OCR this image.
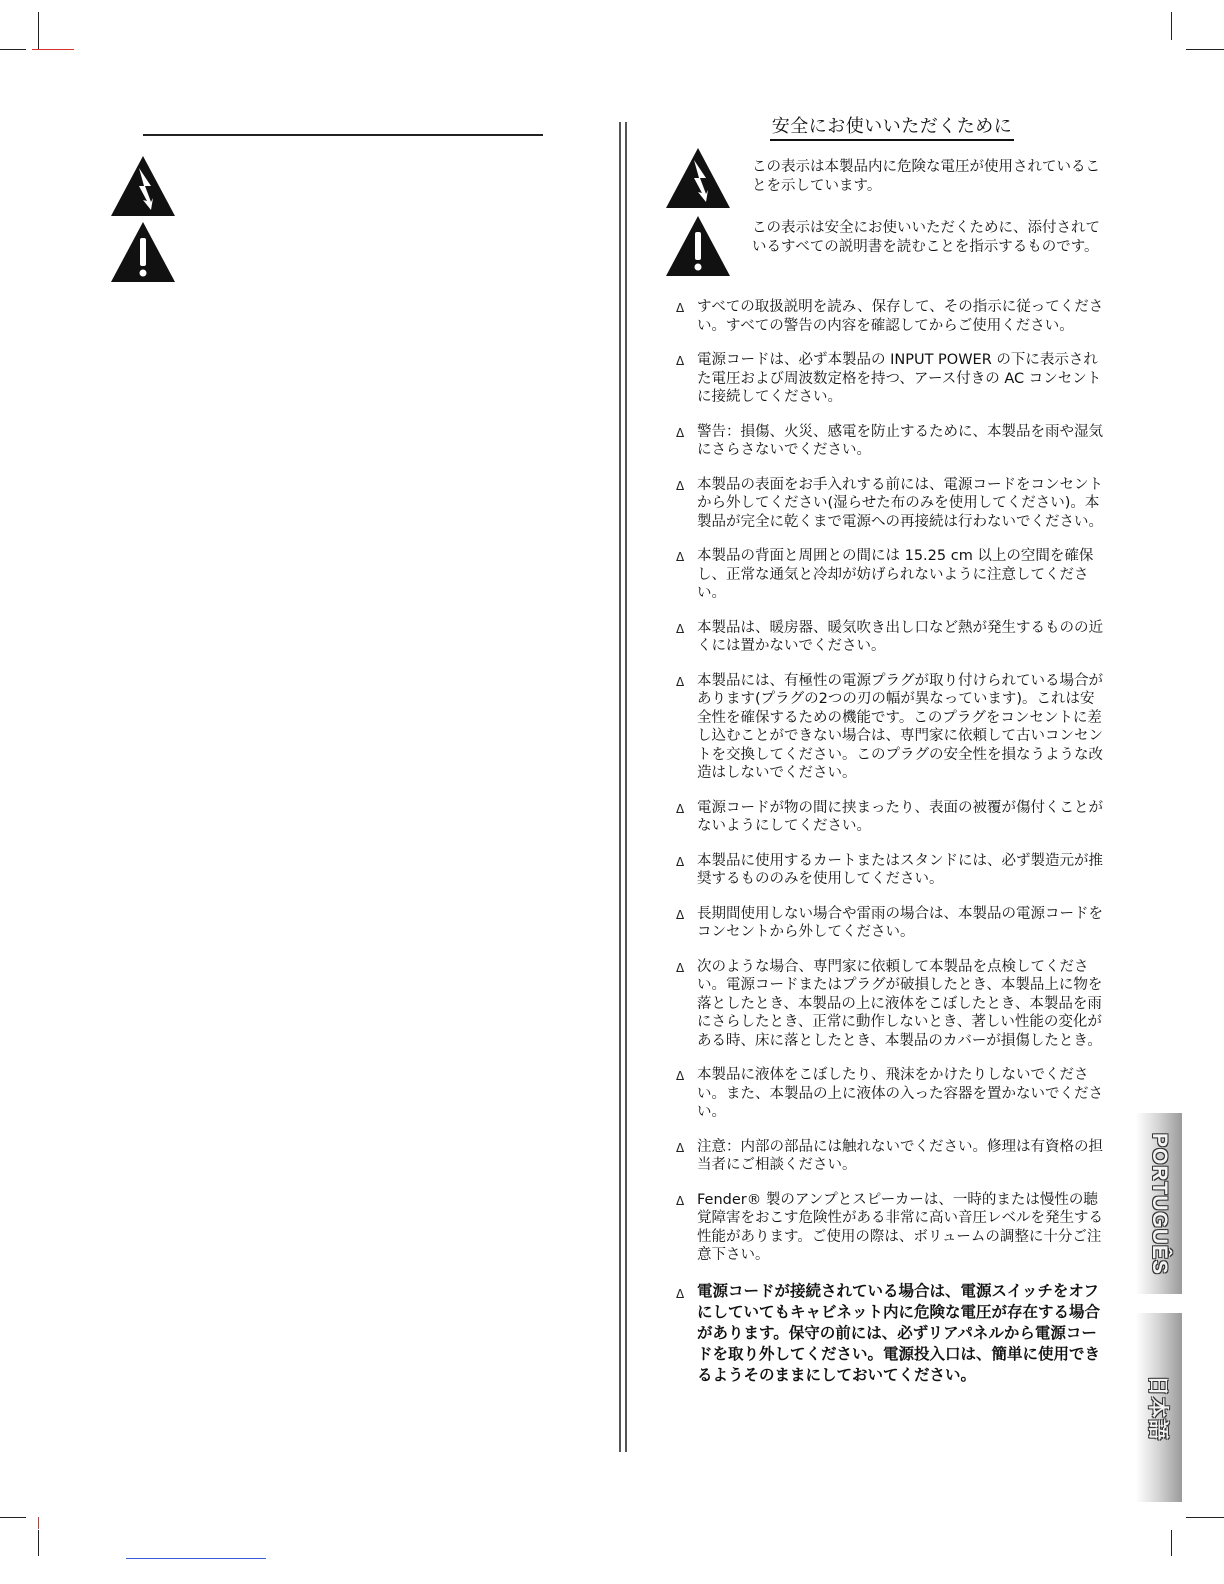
安全にお使いいただくために
この表示は本製品内に危険な電圧が使用されていることを示しています。
この表示は安全にお使いいただくために、添付されているすべての説明書を読むことを指示するものです。
Δ すべての取扱説明を読み、保存して、その指示に従ってください。すべての警告の内容を確認してからご使用ください。
Δ 電源コードは、必ず本製品の INPUT POWER の下に表示された電圧および周波数定格を持つ、アース付きの AC コンセントに接続してください。
Δ 警告：損傷、火災、感電を防止するために、本製品を雨や湿気にさらさないでください。
Δ 本製品の表面をお手入れする前には、電源コードをコンセントから外してください(湿らせた布のみを使用してください)。本製品が完全に乾くまで電源への再接続は行わないでください。
Δ 本製品の背面と周囲との間には 15.25 cm 以上の空間を確保し、正常な通気と冷却が妨げられないように注意してください。
Δ 本製品は、暖房器、暖気吹き出し口など熱が発生するものの近くには置かないでください。
Δ 本製品には、有極性の電源プラグが取り付けられている場合があります(プラグの2つの刃の幅が異なっています)。これは安全性を確保するための機能です。このプラグをコンセントに差し込むことができない場合は、専門家に依頼して古いコンセントを交換してください。このプラグの安全性を損なうような改造はしないでください。
Δ 電源コードが物の間に挟まったり、表面の被覆が傷付くことがないようにしてください。
Δ 本製品に使用するカートまたはスタンドには、必ず製造元が推奨するもののみを使用してください。
Δ 長期間使用しない場合や雷雨の場合は、本製品の電源コードをコンセントから外してください。
Δ 次のような場合、専門家に依頼して本製品を点検してください。電源コードまたはプラグが破損したとき、本製品上に物を落としたとき、本製品の上に液体をこぼしたとき、本製品を雨にさらしたとき、正常に動作しないとき、著しい性能の変化がある時、床に落としたとき、本製品のカバーが損傷したとき。
Δ 本製品に液体をこぼしたり、飛沫をかけたりしないでください。また、本製品の上に液体の入った容器を置かないでください。
Δ 注意：内部の部品には触れないでください。修理は有資格の担当者にご相談ください。
Δ Fender® 製のアンプとスピーカーは、一時的または慢性の聴覚障害をおこす危険性がある非常に高い音圧レベルを発生する性能があります。ご使用の際は、ボリュームの調整に十分ご注意下さい。
Δ 電源コードが接続されている場合は、電源スイッチをオフにしていてもキャビネット内に危険な電圧が存在する場合があります。保守の前には、必ずリアパネルから電源コードを取り外してください。電源投入口は、簡単に使用できるようそのままにしておいてください。
PORTUGUÊS
日本語
